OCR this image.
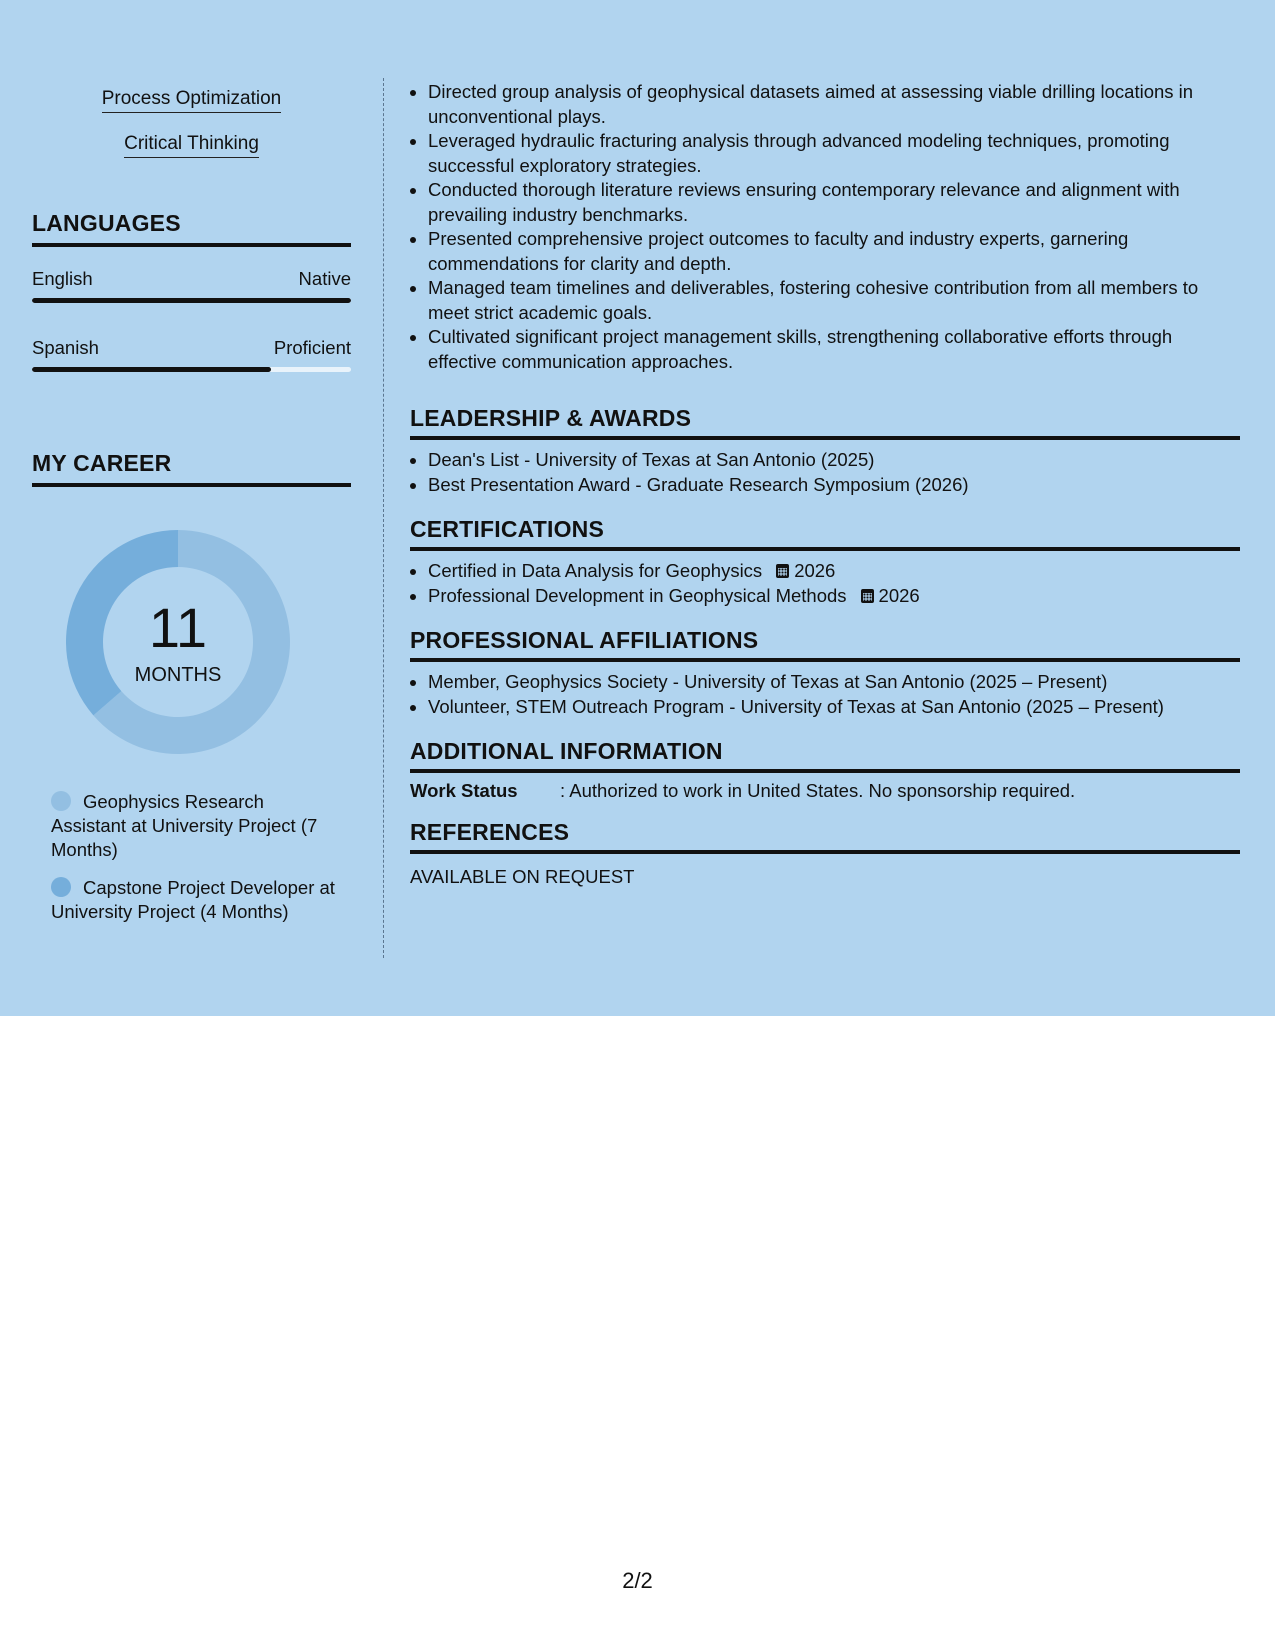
Process Optimization
Critical Thinking
LANGUAGES
English	Native
Spanish	Proficient
MY CAREER
11
MONTHS
Geophysics Research Assistant at University Project (7 Months)
Capstone Project Developer at University Project (4 Months)
• Directed group analysis of geophysical datasets aimed at assessing viable drilling locations in unconventional plays.
• Leveraged hydraulic fracturing analysis through advanced modeling techniques, promoting successful exploratory strategies.
• Conducted thorough literature reviews ensuring contemporary relevance and alignment with prevailing industry benchmarks.
• Presented comprehensive project outcomes to faculty and industry experts, garnering commendations for clarity and depth.
• Managed team timelines and deliverables, fostering cohesive contribution from all members to meet strict academic goals.
• Cultivated significant project management skills, strengthening collaborative efforts through effective communication approaches.
LEADERSHIP & AWARDS
• Dean's List - University of Texas at San Antonio (2025)
• Best Presentation Award - Graduate Research Symposium (2026)
CERTIFICATIONS
• Certified in Data Analysis for Geophysics 2026
• Professional Development in Geophysical Methods 2026
PROFESSIONAL AFFILIATIONS
• Member, Geophysics Society - University of Texas at San Antonio (2025 – Present)
• Volunteer, STEM Outreach Program - University of Texas at San Antonio (2025 – Present)
ADDITIONAL INFORMATION
Work Status : Authorized to work in United States. No sponsorship required.
REFERENCES
AVAILABLE ON REQUEST
2/2
